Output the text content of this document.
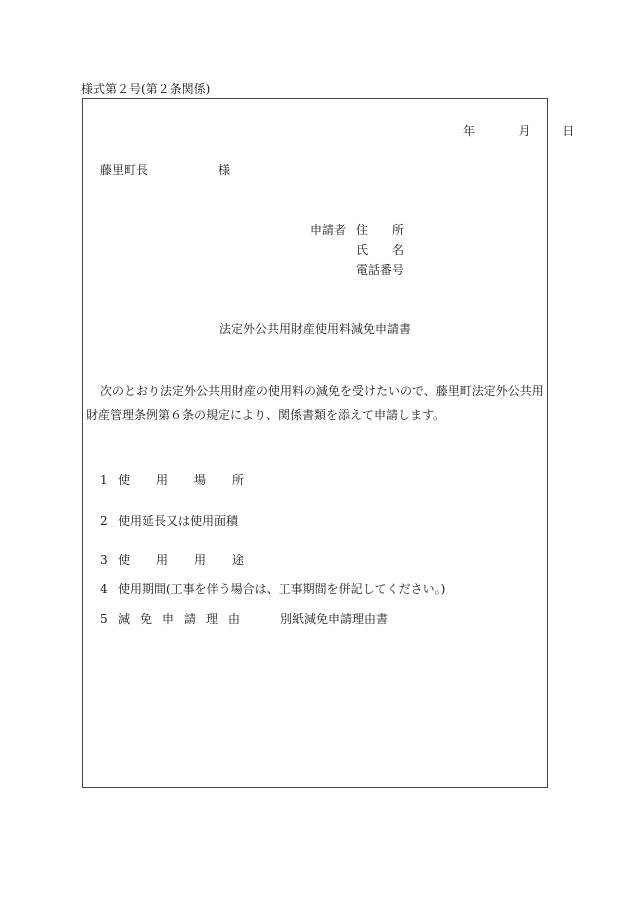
様式第２号(第２条関係)
年	月	日
藤里町長	様
申請者 住　　所
氏　　名
電話番号
法定外公共用財産使用料減免申請書
次のとおり法定外公共用財産の使用料の減免を受けたいので、藤里町法定外公共用財産管理条例第６条の規定により、関係書類を添えて申請します。
1 使用場所
2 使用延長又は使用面積
3 使用用途
4 使用期間(工事を伴う場合は、工事期間を併記してください。)
5 減免申請理由	別紙減免申請理由書
